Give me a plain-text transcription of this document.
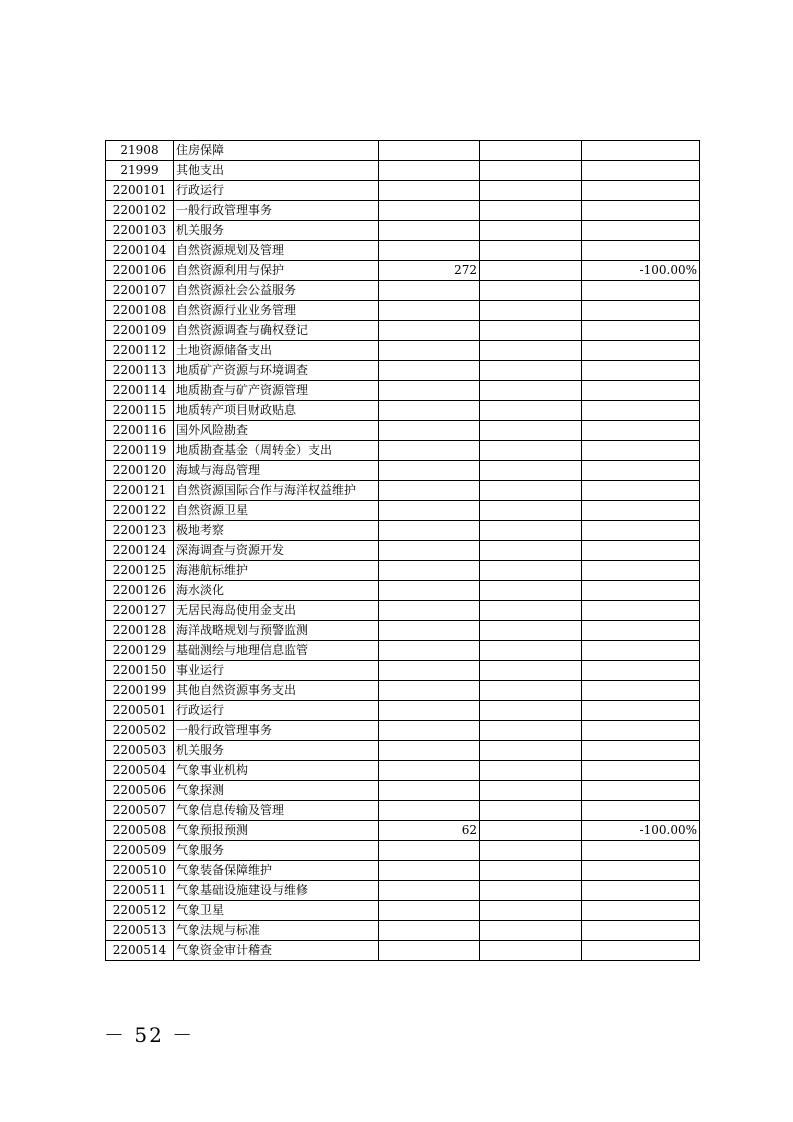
21908	住房保障			
21999	其他支出			
2200101	行政运行			
2200102	一般行政管理事务			
2200103	机关服务			
2200104	自然资源规划及管理			
2200106	自然资源利用与保护	272		-100.00%
2200107	自然资源社会公益服务			
2200108	自然资源行业业务管理			
2200109	自然资源调查与确权登记			
2200112	土地资源储备支出			
2200113	地质矿产资源与环境调查			
2200114	地质勘查与矿产资源管理			
2200115	地质转产项目财政贴息			
2200116	国外风险勘查			
2200119	地质勘查基金（周转金）支出			
2200120	海域与海岛管理			
2200121	自然资源国际合作与海洋权益维护			
2200122	自然资源卫星			
2200123	极地考察			
2200124	深海调查与资源开发			
2200125	海港航标维护			
2200126	海水淡化			
2200127	无居民海岛使用金支出			
2200128	海洋战略规划与预警监测			
2200129	基础测绘与地理信息监管			
2200150	事业运行			
2200199	其他自然资源事务支出			
2200501	行政运行			
2200502	一般行政管理事务			
2200503	机关服务			
2200504	气象事业机构			
2200506	气象探测			
2200507	气象信息传输及管理			
2200508	气象预报预测	62		-100.00%
2200509	气象服务			
2200510	气象装备保障维护			
2200511	气象基础设施建设与维修			
2200512	气象卫星			
2200513	气象法规与标准			
2200514	气象资金审计稽查			
－ 52 －
